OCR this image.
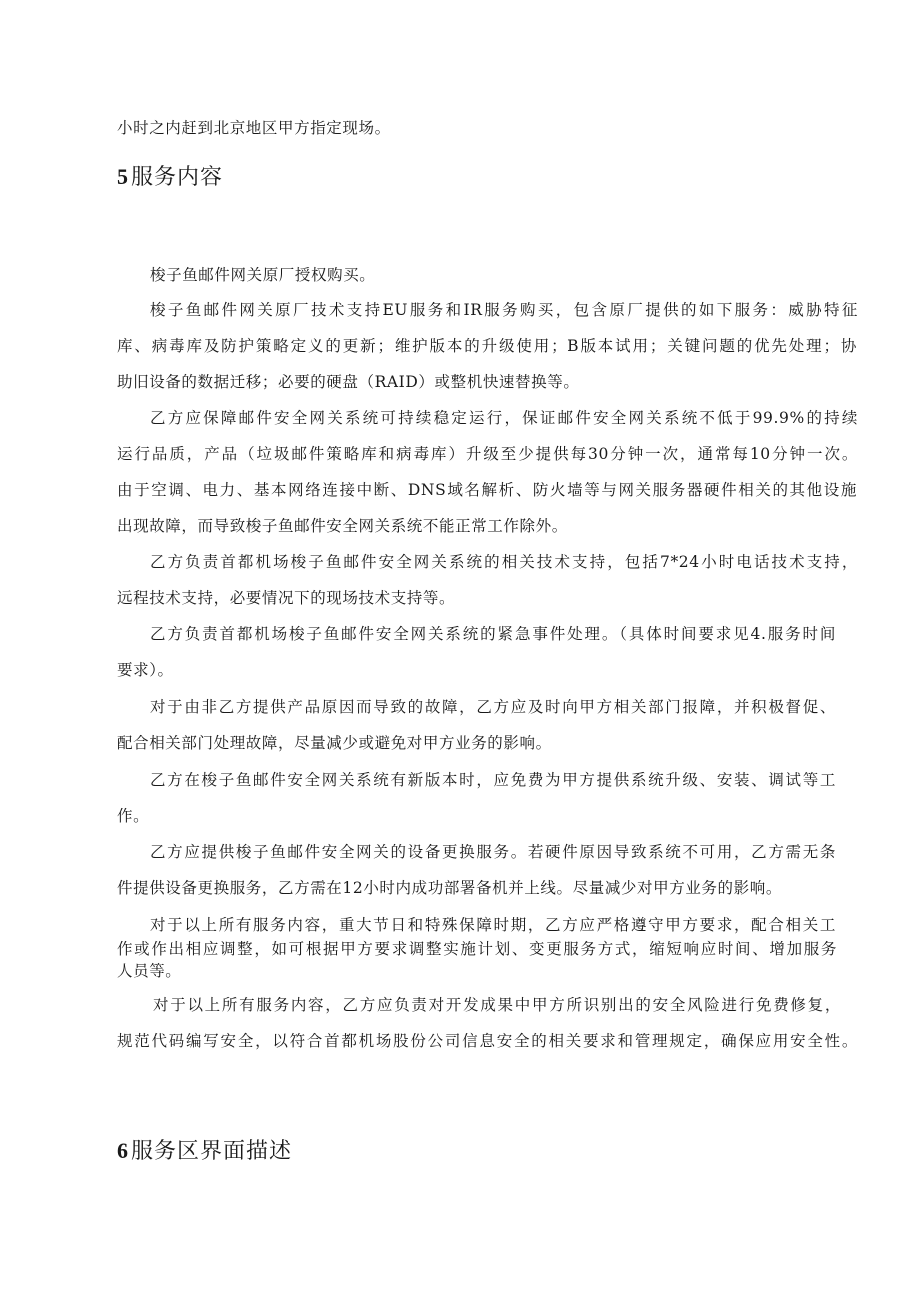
小时之内赶到北京地区甲方指定现场。
5服务内容
梭子鱼邮件网关原厂授权购买。
梭子鱼邮件网关原厂技术支持EU服务和IR服务购买，包含原厂提供的如下服务：威胁特征
库、病毒库及防护策略定义的更新；维护版本的升级使用；B版本试用；关键问题的优先处理；协
助旧设备的数据迁移；必要的硬盘（RAID）或整机快速替换等。
乙方应保障邮件安全网关系统可持续稳定运行，保证邮件安全网关系统不低于99.9%的持续
运行品质，产品（垃圾邮件策略库和病毒库）升级至少提供每30分钟一次，通常每10分钟一次。
由于空调、电力、基本网络连接中断、DNS域名解析、防火墙等与网关服务器硬件相关的其他设施
出现故障，而导致梭子鱼邮件安全网关系统不能正常工作除外。
乙方负责首都机场梭子鱼邮件安全网关系统的相关技术支持，包括7*24小时电话技术支持，
远程技术支持，必要情况下的现场技术支持等。
乙方负责首都机场梭子鱼邮件安全网关系统的紧急事件处理。（具体时间要求见4.服务时间
要求）。
对于由非乙方提供产品原因而导致的故障，乙方应及时向甲方相关部门报障，并积极督促、
配合相关部门处理故障，尽量减少或避免对甲方业务的影响。
乙方在梭子鱼邮件安全网关系统有新版本时，应免费为甲方提供系统升级、安装、调试等工
作。
乙方应提供梭子鱼邮件安全网关的设备更换服务。若硬件原因导致系统不可用，乙方需无条
件提供设备更换服务，乙方需在12小时内成功部署备机并上线。尽量减少对甲方业务的影响。
对于以上所有服务内容，重大节日和特殊保障时期，乙方应严格遵守甲方要求，配合相关工
作或作出相应调整，如可根据甲方要求调整实施计划、变更服务方式，缩短响应时间、增加服务
人员等。
对于以上所有服务内容，乙方应负责对开发成果中甲方所识别出的安全风险进行免费修复，
规范代码编写安全，以符合首都机场股份公司信息安全的相关要求和管理规定，确保应用安全性。
6服务区界面描述
